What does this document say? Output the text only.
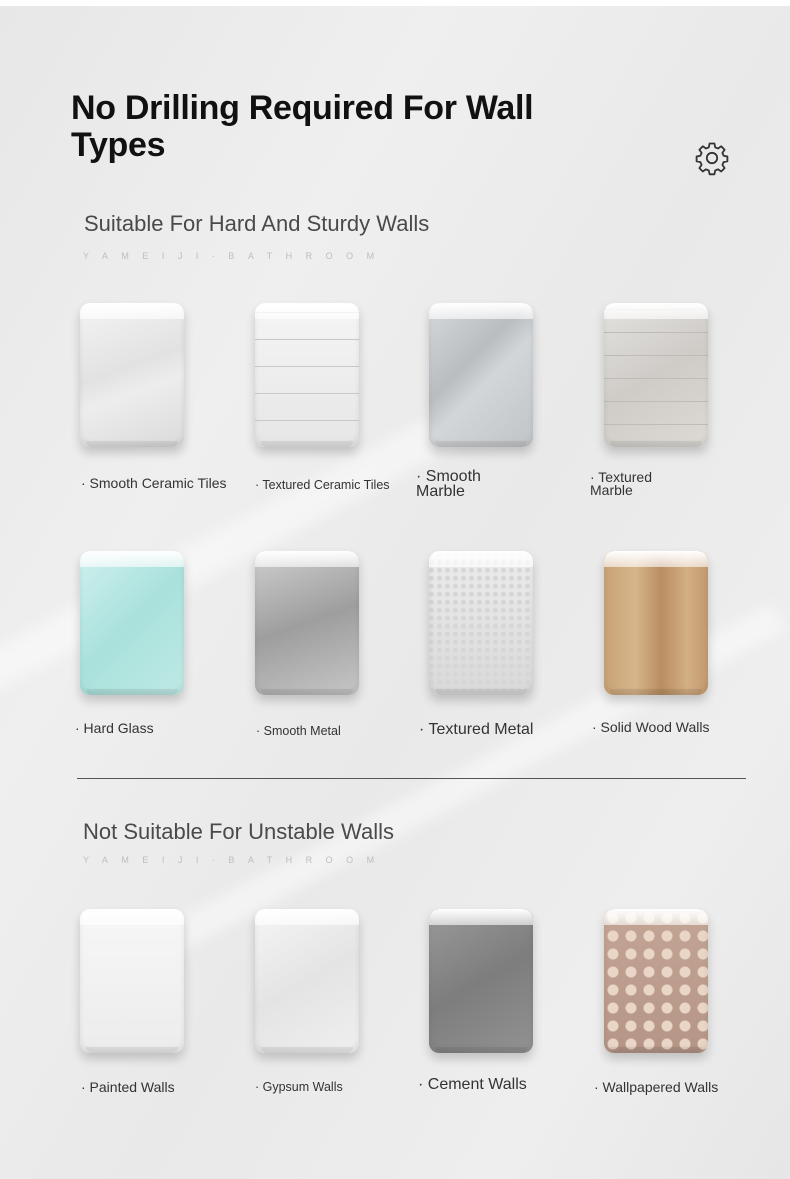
No Drilling Required For Wall Types
Suitable For Hard And Sturdy Walls
YAMEIJI·BATHROOM
· Smooth Ceramic Tiles · Textured Ceramic Tiles · Smooth Marble
· Textured Marble
· Hard Glass	· Smooth Metal	· Textured Metal	· Solid Wood Walls
Not Suitable For Unstable Walls
YAMEIJI·BATHROOM
· Painted Walls	· Gypsum Walls	· Cement Walls	· Wallpapered Walls
